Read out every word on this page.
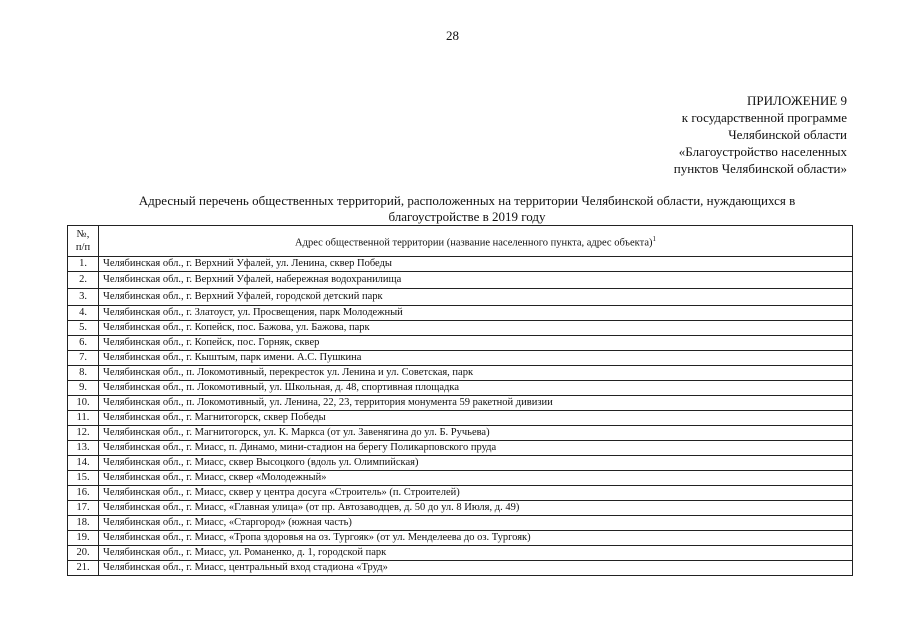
28
ПРИЛОЖЕНИЕ 9
к государственной программе
Челябинской области
«Благоустройство населенных
пунктов Челябинской области»
Адресный перечень общественных территорий, расположенных на территории Челябинской области, нуждающихся в
благоустройстве в 2019 году
№,
п/п	Адрес общественной территории (название населенного пункта, адрес объекта)$^1$
1.	Челябинская обл., г. Верхний Уфалей, ул. Ленина, сквер Победы
2.	Челябинская обл., г. Верхний Уфалей, набережная водохранилища
3.	Челябинская обл., г. Верхний Уфалей, городской детский парк
4.	Челябинская обл., г. Златоуст, ул. Просвещения, парк Молодежный
5.	Челябинская обл., г. Копейск, пос. Бажова, ул. Бажова, парк
6.	Челябинская обл., г. Копейск, пос. Горняк, сквер
7.	Челябинская обл., г. Кыштым, парк имени. А.С. Пушкина
8.	Челябинская обл., п. Локомотивный, перекресток ул. Ленина и ул. Советская, парк
9.	Челябинская обл., п. Локомотивный, ул. Школьная, д. 48, спортивная площадка
10.	Челябинская обл., п. Локомотивный, ул. Ленина, 22, 23, территория монумента 59 ракетной дивизии
11.	Челябинская обл., г. Магнитогорск, сквер Победы
12.	Челябинская обл., г. Магнитогорск, ул. К. Маркса (от ул. Завенягина до ул. Б. Ручьева)
13.	Челябинская обл., г. Миасс, п. Динамо, мини-стадион на берегу Поликарповского пруда
14.	Челябинская обл., г. Миасс, сквер Высоцкого (вдоль ул. Олимпийская)
15.	Челябинская обл., г. Миасс, сквер «Молодежный»
16.	Челябинская обл., г. Миасс, сквер у центра досуга «Строитель» (п. Строителей)
17.	Челябинская обл., г. Миасс, «Главная улица» (от пр. Автозаводцев, д. 50 до ул. 8 Июля, д. 49)
18.	Челябинская обл., г. Миасс, «Старгород» (южная часть)
19.	Челябинская обл., г. Миасс, «Тропа здоровья на оз. Тургояк» (от ул. Менделеева до оз. Тургояк)
20.	Челябинская обл., г. Миасс, ул. Романенко, д. 1, городской парк
21.	Челябинская обл., г. Миасс, центральный вход стадиона «Труд»
